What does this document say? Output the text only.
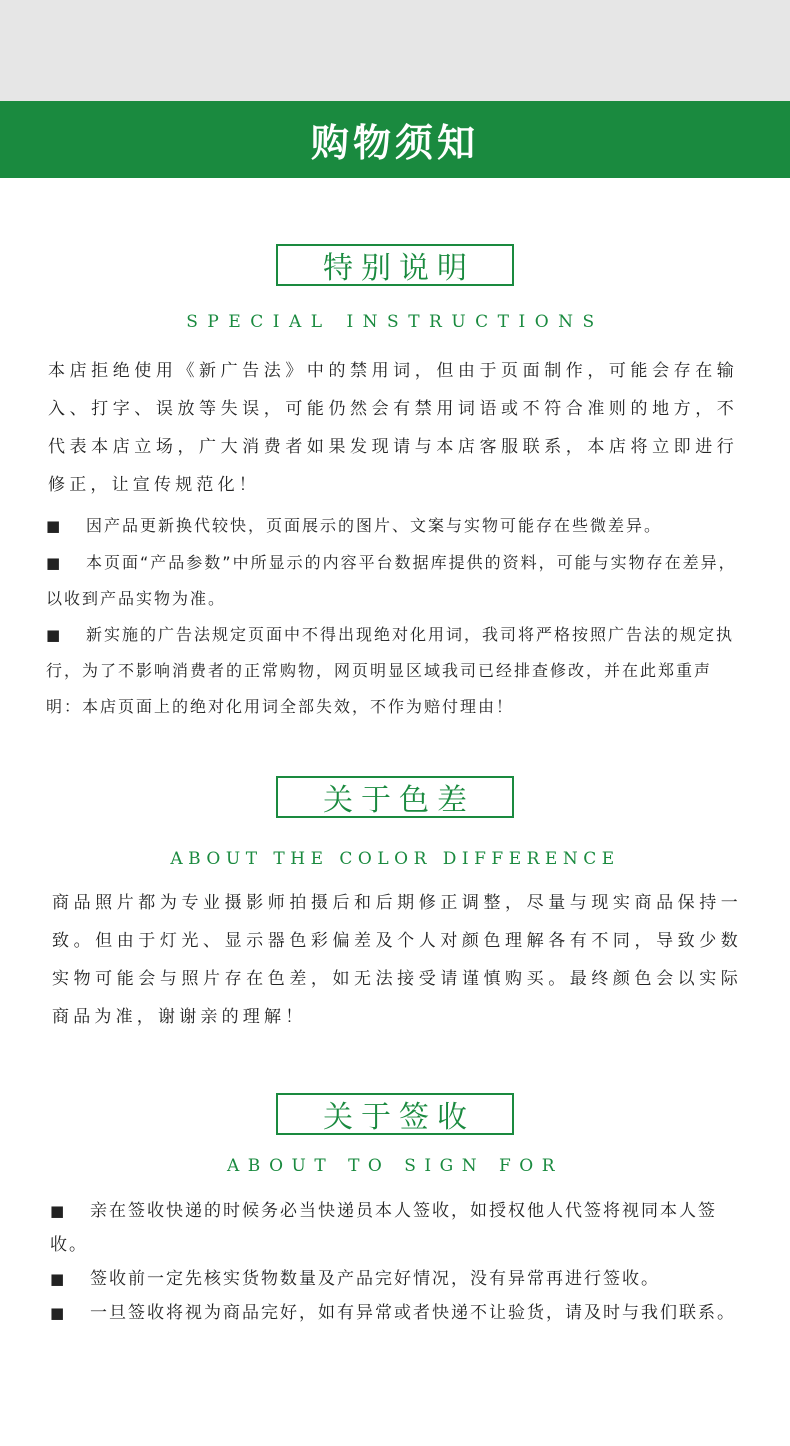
购物须知
特别说明
SPECIAL INSTRUCTIONS
本店拒绝使用《新广告法》中的禁用词，但由于页面制作，可能会存在输入、打字、误放等失误，可能仍然会有禁用词语或不符合准则的地方，不代表本店立场，广大消费者如果发现请与本店客服联系，本店将立即进行修正，让宣传规范化！

■ 因产品更新换代较快，页面展示的图片、文案与实物可能存在些微差异。

■ 本页面“产品参数”中所显示的内容平台数据库提供的资料，可能与实物存在差异，以收到产品实物为准。

■ 新实施的广告法规定页面中不得出现绝对化用词，我司将严格按照广告法的规定执行，为了不影响消费者的正常购物，网页明显区域我司已经排查修改，并在此郑重声明：本店页面上的绝对化用词全部失效，不作为赔付理由！

关于色差
ABOUT THE COLOR DIFFERENCE
商品照片都为专业摄影师拍摄后和后期修正调整，尽量与现实商品保持一致。但由于灯光、显示器色彩偏差及个人对颜色理解各有不同，导致少数实物可能会与照片存在色差，如无法接受请谨慎购买。最终颜色会以实际商品为准，谢谢亲的理解！
关于签收
ABOUT TO SIGN FOR

■ 亲在签收快递的时候务必当快递员本人签收，如授权他人代签将视同本人签收。

■ 签收前一定先核实货物数量及产品完好情况，没有异常再进行签收。

■ 一旦签收将视为商品完好，如有异常或者快递不让验货，请及时与我们联系。
